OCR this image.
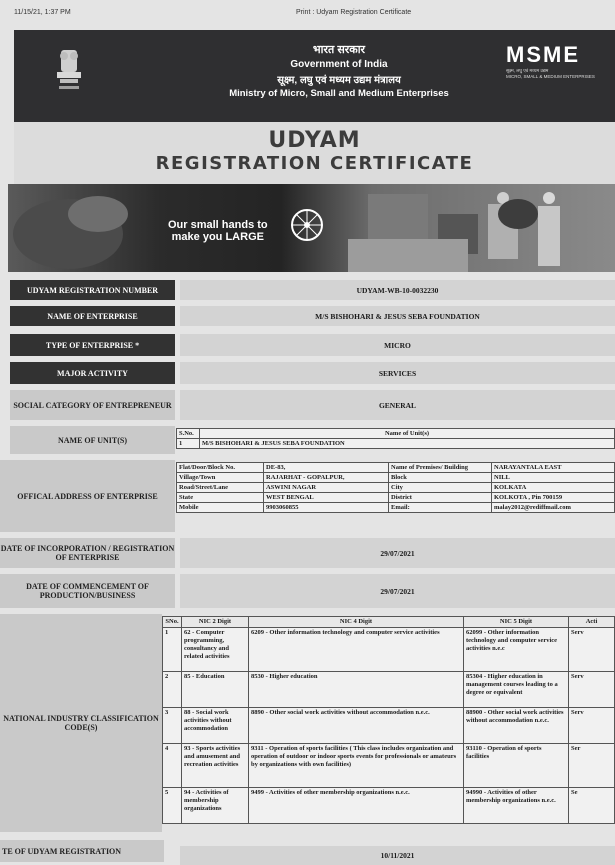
11/15/21, 1:37 PM	Print : Udyam Registration Certificate
भारत सरकार
Government of India
सूक्ष्म, लघु एवं मध्यम उद्यम मंत्रालय
Ministry of Micro, Small and Medium Enterprises
MSME
सूक्ष्म, लघु एवं मध्यम उद्यम
MICRO, SMALL & MEDIUM ENTERPRISES
UDYAM
REGISTRATION CERTIFICATE
Our small hands to
make you LARGE
UDYAM REGISTRATION NUMBER	UDYAM-WB-10-0032230
NAME OF ENTERPRISE	M/S BISHOHARI & JESUS SEBA FOUNDATION
TYPE OF ENTERPRISE *	MICRO
MAJOR ACTIVITY	SERVICES
SOCIAL CATEGORY OF ENTREPRENEUR	GENERAL
NAME OF UNIT(S)
S.No.	Name of Unit(s)
1	M/S BISHOHARI & JESUS SEBA FOUNDATION
OFFICAL ADDRESS OF ENTERPRISE
Flat/Door/Block No.	DE-83,	Name of Premises/ Building	NARAYANTALA EAST
Village/Town	RAJARHAT - GOPALPUR,	Block	NILL
Road/Street/Lane	ASWINI NAGAR	City	KOLKATA
State	WEST BENGAL	District	KOLKOTA , Pin 700159
Mobile	9903060855	Email:	malay2012@rediffmail.com
DATE OF INCORPORATION / REGISTRATION OF ENTERPRISE	29/07/2021
DATE OF COMMENCEMENT OF PRODUCTION/BUSINESS	29/07/2021
NATIONAL INDUSTRY CLASSIFICATION CODE(S)
SNo.	NIC 2 Digit	NIC 4 Digit	NIC 5 Digit	Acti
1	62 - Computer programming, consultancy and related activities	6209 - Other information technology and computer service activities	62099 - Other information technology and computer service activities n.e.c	Serv
2	85 - Education	8530 - Higher education	85304 - Higher education in management courses leading to a degree or equivalent	Serv
3	88 - Social work activities without accommodation	8890 - Other social work activities without accommodation n.e.c.	88900 - Other social work activities without accommodation n.e.c.	Serv
4	93 - Sports activities and amusement and recreation activities	9311 - Operation of sports facilities ( This class includes organization and operation of outdoor or indoor sports events for professionals or amateurs by organizations with own facilities)	93110 - Operation of sports facilities	Ser
5	94 - Activities of membership organizations	9499 - Activities of other membership organizations n.e.c.	94990 - Activities of other membership organizations n.e.c.	Se
TE OF UDYAM REGISTRATION	10/11/2021
